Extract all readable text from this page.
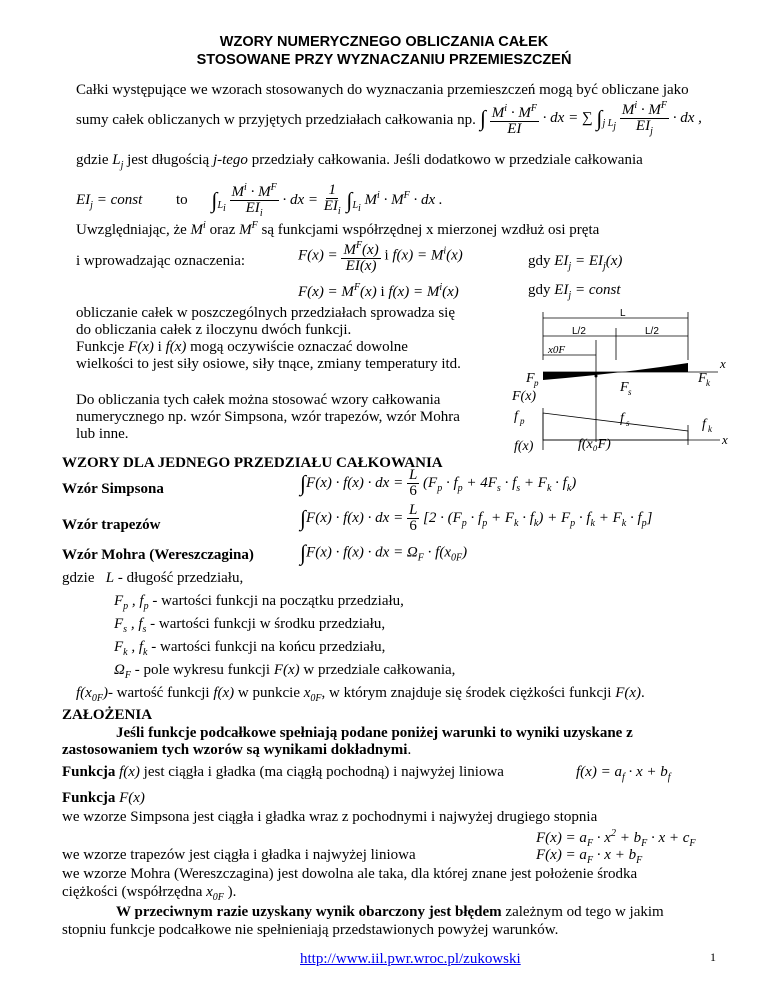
WZORY NUMERYCZNEGO OBLICZANIA CAŁEK
STOSOWANE PRZY WYZNACZANIU PRZEMIESZCZEŃ
Całki występujące we wzorach stosowanych do wyznaczania przemieszczeń mogą być obliczane jako
sumy całek obliczanych w przyjętych przedziałach całkowania np. ∫ $\frac{M^i \cdot M^F}{EI}$ · dx = ∑ $\int_{j L_j} \frac{M^i \cdot M^F}{EI_j}$ · dx ,
gdzie $L_j$ jest długością j-tego przedziały całkowania. Jeśli dodatkowo w przedziale całkowania
$EI_j$ = const to $\int_{L_i} \frac{M^i \cdot M^F}{EI_i}$ · dx = $\frac{1}{EI_i} \int_{L_i}$ $M^i \cdot M^F$ · dx .
Uwzględniając, że $M^i$ oraz $M^F$ są funkcjami współrzędnej x mierzonej wzdłuż osi pręta
i wprowadzając oznaczenia:	$F(x) = \frac{M^F(x)}{EI(x)}$ i $f(x) = M^i(x)$	gdy $EI_j = EI_j(x)$
$F(x) = M^F(x)$ i $f(x) = M^i(x)$	gdy $EI_j$ = const
obliczanie całek w poszczególnych przedziałach sprowadza się
do obliczania całek z iloczynu dwóch funkcji.
Funkcje F(x) i f(x) mogą oczywiście oznaczać dowolne
wielkości to jest siły osiowe, siły tnące, zmiany temperatury itd.
Do obliczania tych całek można stosować wzory całkowania
numerycznego np. wzór Simpsona, wzór trapezów, wzór Mohra
lub inne.
L
L/2	L/2
x0F
x
F p
F(x)
F s
F k
x
f p	f s	f k
f(x)	f(x₀F)
WZORY DLA JEDNEGO PRZEDZIAŁU CAŁKOWANIA
Wzór Simpsona	∫F(x) · f(x) · dx = $\frac{L}{6} (F_p \cdot f_p + 4F_s \cdot f_s + F_k \cdot f_k)$
Wzór trapezów	∫F(x) · f(x) · dx = $\frac{L}{6} [2 \cdot (F_p \cdot f_p + F_k \cdot f_k) + F_p \cdot f_k + F_k \cdot f_p]$
Wzór Mohra (Wereszczagina) ∫F(x) · f(x) · dx = $\Omega_F \cdot f(x_{0F})$
gdzie L - długość przedziału,
$F_p$ , $f_p$ - wartości funkcji na początku przedziału,
$F_s$ , $f_s$ - wartości funkcji w środku przedziału,
$F_k$ , $f_k$ - wartości funkcji na końcu przedziału,
$\Omega_F$ - pole wykresu funkcji F(x) w przedziale całkowania,
$f(x_{0F})-$ wartość funkcji f(x) w punkcie $x_{0F}$, w którym znajduje się środek ciężkości funkcji F(x).
ZAŁOŻENIA
Jeśli funkcje podcałkowe spełniają podane poniżej warunki to wyniki uzyskane z
zastosowaniem tych wzorów są wynikami dokładnymi.
Funkcja f(x) jest ciągła i gładka (ma ciągłą pochodną) i najwyżej liniowa	$f(x) = a_f \cdot x + b_f$
Funkcja F(x)
we wzorze Simpsona jest ciągła i gładka wraz z pochodnymi i najwyżej drugiego stopnia
$F(x) = a_F \cdot x^2 + b_F \cdot x + c_F$
we wzorze trapezów jest ciągła i gładka i najwyżej liniowa	$F(x) = a_F \cdot x + b_F$
we wzorze Mohra (Wereszczagina) jest dowolna ale taka, dla której znane jest położenie środka
ciężkości (współrzędna $x_{0F}$ ).
W przeciwnym razie uzyskany wynik obarczony jest błędem zależnym od tego w jakim
stopniu funkcje podcałkowe nie spełnieniają przedstawionych powyżej warunków.
http://www.iil.pwr.wroc.pl/zukowski	1
